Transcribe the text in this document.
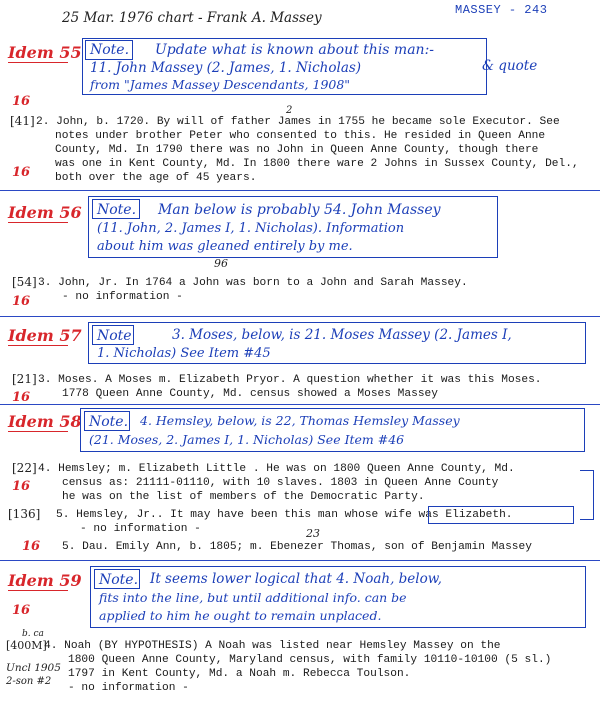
25 Mar. 1976 chart - Frank A. Massey	MASSEY - 243
Idem 55 Note. Update what is known about this man:-
11. John Massey (2. James, 1. Nicholas)
from "James Massey Descendants, 1908"
& quote
16
[41]
2
2. John, b. 1720. By will of father James in 1755 he became sole Executor. See
notes under brother Peter who consented to this. He resided in Queen Anne
County, Md. In 1790 there was no John in Queen Anne County, though there
was one in Kent County, Md. In 1800 there ware 2 Johns in Sussex County, Del.,
both over the age of 45 years.
16
Idem 56 Note. Man below is probably 54. John Massey
(11. John, 2. James I, 1. Nicholas). Information
about him was gleaned entirely by me.
96
[54] 3. John, Jr. In 1764 a John was born to a John and Sarah Massey.
- no information -
16
Idem 57 Note	3. Moses, below, is 21. Moses Massey (2. James I,
1. Nicholas) See Item #45
[21] 3. Moses. A Moses m. Elizabeth Pryor. A question whether it was this Moses.
1778 Queen Anne County, Md. census showed a Moses Massey
16
Idem 58 Note. 4. Hemsley, below, is 22, Thomas Hemsley Massey
(21. Moses, 2. James I, 1. Nicholas) See Item #46
[22] 4. Hemsley; m. Elizabeth Little . He was on 1800 Queen Anne County, Md.
census as: 21111-01110, with 10 slaves. 1803 in Queen Anne County
he was on the list of members of the Democratic Party.
16
[136] 5. Hemsley, Jr.. It may have been this man whose wife was Elizabeth.
- no information -	23
5. Dau. Emily Ann, b. 1805; m. Ebenezer Thomas, son of Benjamin Massey
16
Idem 59
16
Note. It seems lower logical that 4. Noah, below,
fits into the line, but until additional info. can be
applied to him he ought to remain unplaced.
b. ca
[400M]
4. Noah (BY HYPOTHESIS) A Noah was listed near Hemsley Massey on the
1800 Queen Anne County, Maryland census, with family 10110-10100 (5 sl.)
1797 in Kent County, Md. a Noah m. Rebecca Toulson.
- no information -
Uncl 1905
2-son #2
